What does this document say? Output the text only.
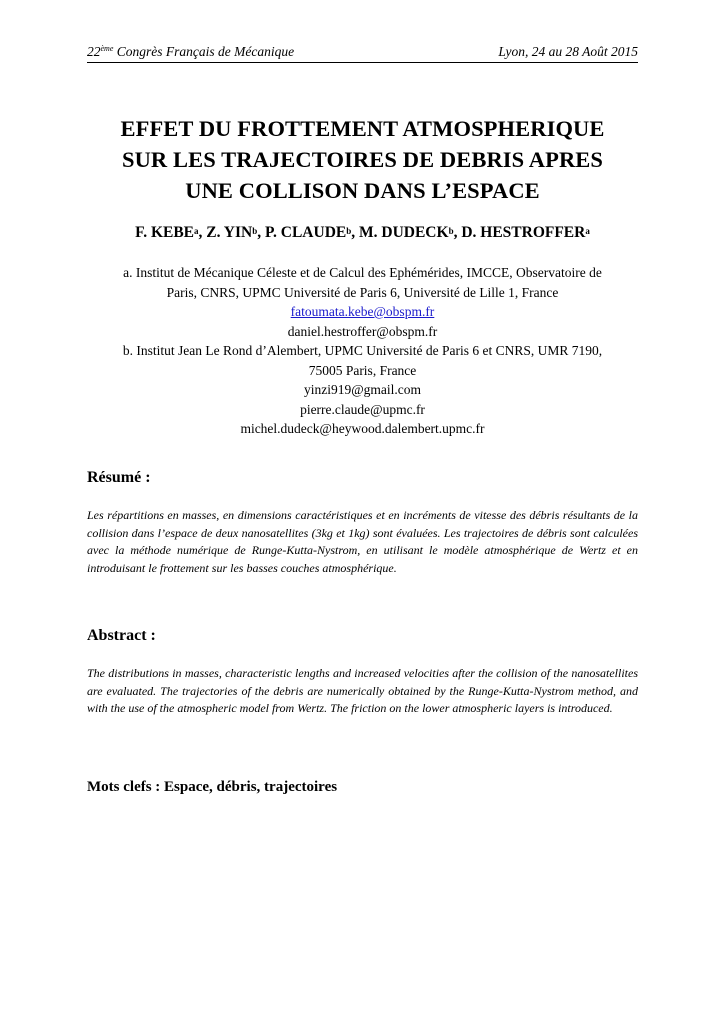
22ème Congrès Français de Mécanique	Lyon, 24 au 28 Août 2015
EFFET DU FROTTEMENT ATMOSPHERIQUE
SUR LES TRAJECTOIRES DE DEBRIS APRES
UNE COLLISON DANS L’ESPACE
F. KEBE$^a$, Z. YIN$^b$, P. CLAUDE$^b$, M. DUDECK$^b$, D. HESTROFFER$^a$
a. Institut de Mécanique Céleste et de Calcul des Ephémérides, IMCCE, Observatoire de
Paris, CNRS, UPMC Université de Paris 6, Université de Lille 1, France
fatoumata.kebe@obspm.fr
daniel.hestroffer@obspm.fr
b. Institut Jean Le Rond d’Alembert, UPMC Université de Paris 6 et CNRS, UMR 7190,
75005 Paris, France
yinzi919@gmail.com
pierre.claude@upmc.fr
michel.dudeck@heywood.dalembert.upmc.fr
Résumé :
Les répartitions en masses, en dimensions caractéristiques et en incréments de vitesse des débris résultants de la collision dans l’espace de deux nanosatellites (3kg et 1kg) sont évaluées. Les trajectoires de débris sont calculées avec la méthode numérique de Runge-Kutta-Nystrom, en utilisant le modèle atmosphérique de Wertz et en introduisant le frottement sur les basses couches atmosphérique.
Abstract :
The distributions in masses, characteristic lengths and increased velocities after the collision of the nanosatellites are evaluated. The trajectories of the debris are numerically obtained by the Runge-Kutta-Nystrom method, and with the use of the atmospheric model from Wertz. The friction on the lower atmospheric layers is introduced.
Mots clefs : Espace, débris, trajectoires
